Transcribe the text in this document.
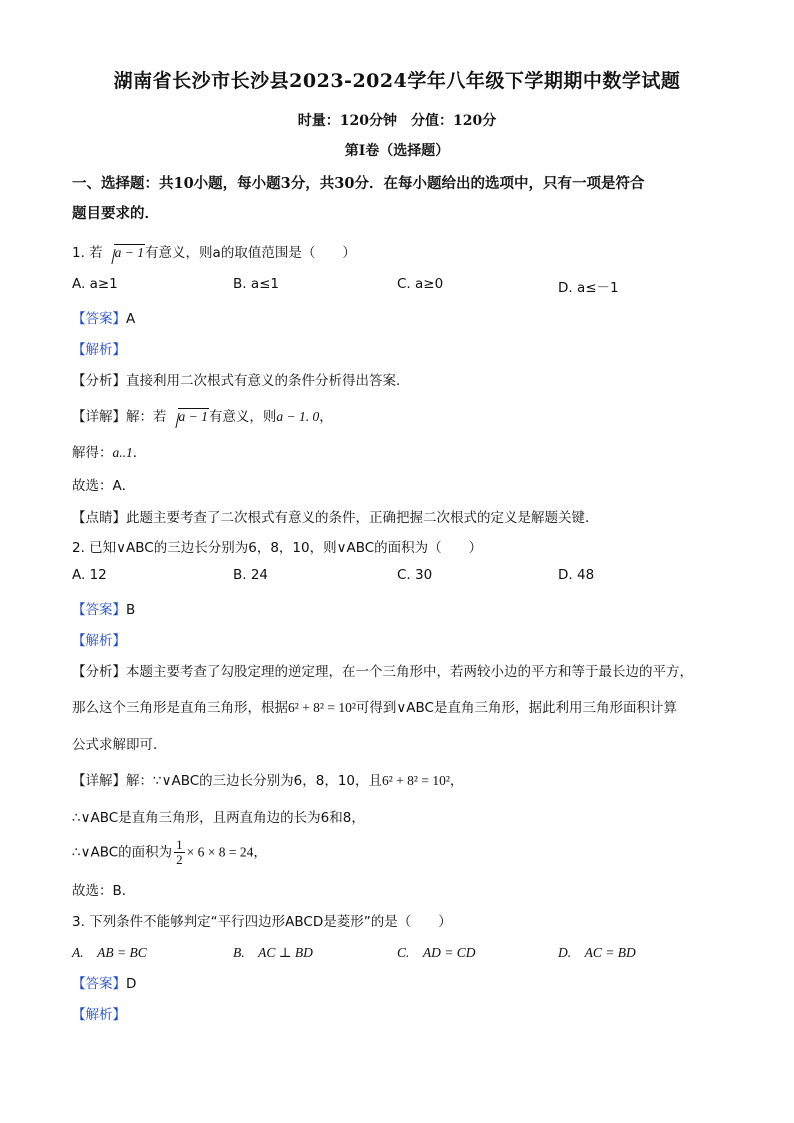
湖南省长沙市长沙县2023-2024学年八年级下学期期中数学试题
时量：120分钟　分值：120分
第Ⅰ卷（选择题）
一、选择题：共10小题，每小题3分，共30分．在每小题给出的选项中，只有一项是符合
题目要求的．
1. 若 a − 1有意义，则a的取值范围是（　　）
A. a≥1	B. a≤1	C. a≥0	D. a≤－1
【答案】A
【解析】
【分析】直接利用二次根式有意义的条件分析得出答案．
【详解】解：若 a − 1有意义，则a − 1. 0，
解得：a..1．
故选：A．
【点睛】此题主要考查了二次根式有意义的条件，正确把握二次根式的定义是解题关键．
2. 已知∨ABC的三边长分别为6，8，10，则∨ABC的面积为（　　）
A. 12	B. 24	C. 30	D. 48
【答案】B
【解析】
【分析】本题主要考查了勾股定理的逆定理，在一个三角形中，若两较小边的平方和等于最长边的平方，
那么这个三角形是直角三角形，根据6² + 8² = 10²可得到∨ABC是直角三角形，据此利用三角形面积计算
公式求解即可．
【详解】解：∵∨ABC的三边长分别为6，8，10，且6² + 8² = 10²，
∴∨ABC是直角三角形，且两直角边的长为6和8，
∴∨ABC的面积为 $\frac{1}{2} \times 6 \times 8 = 24$，
故选：B．
3. 下列条件不能够判定“平行四边形ABCD是菱形”的是（　　）
A.　AB = BC	B.　AC ⊥ BD	C.　AD = CD	D.　AC = BD
【答案】D
【解析】
